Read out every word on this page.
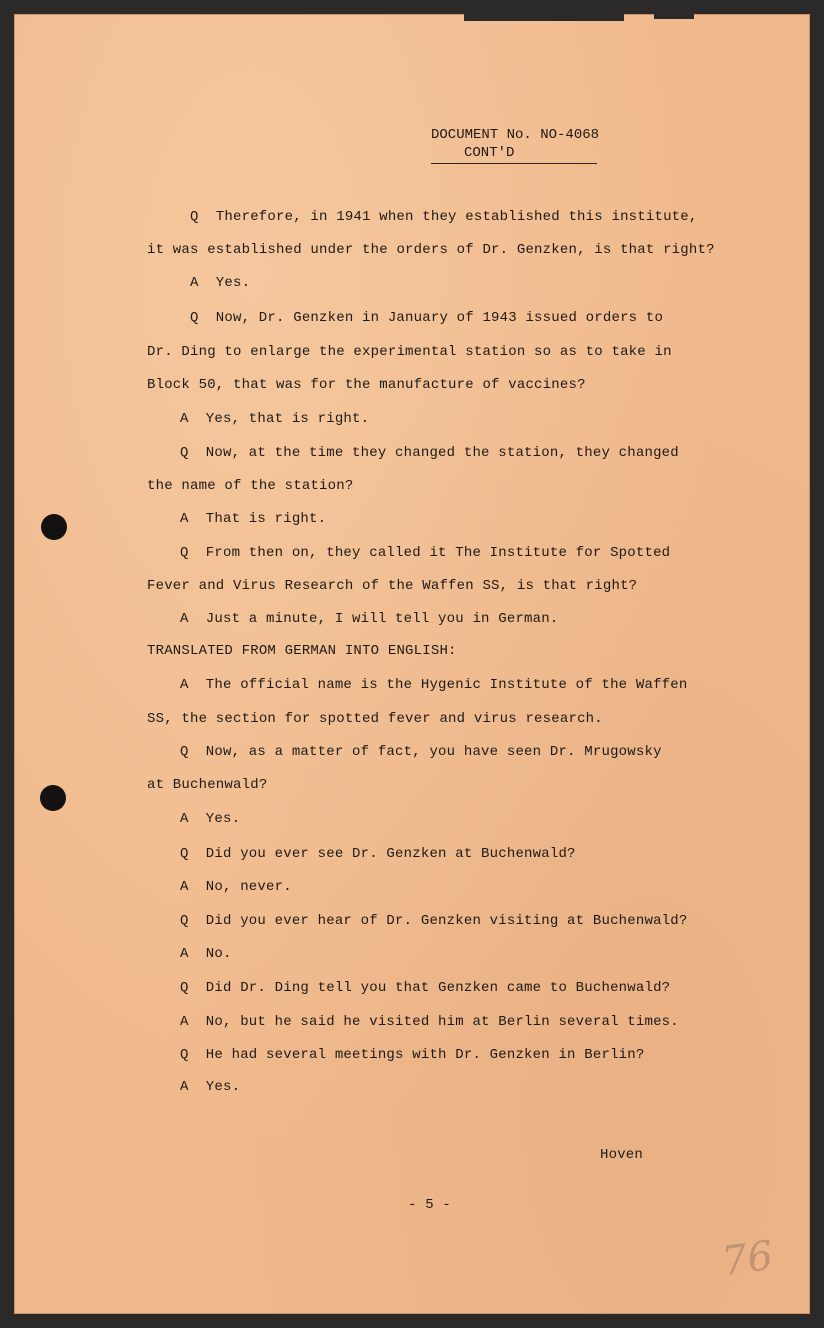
DOCUMENT No. NO-4068
CONT'D
Q  Therefore, in 1941 when they established this institute,
it was established under the orders of Dr. Genzken, is that right?
A  Yes.
Q  Now, Dr. Genzken in January of 1943 issued orders to
Dr. Ding to enlarge the experimental station so as to take in
Block 50, that was for the manufacture of vaccines?
A  Yes, that is right.
Q  Now, at the time they changed the station, they changed
the name of the station?
A  That is right.
Q  From then on, they called it The Institute for Spotted
Fever and Virus Research of the Waffen SS, is that right?
A  Just a minute, I will tell you in German.
TRANSLATED FROM GERMAN INTO ENGLISH:
A  The official name is the Hygenic Institute of the Waffen
SS, the section for spotted fever and virus research.
Q  Now, as a matter of fact, you have seen Dr. Mrugowsky
at Buchenwald?
A  Yes.
Q  Did you ever see Dr. Genzken at Buchenwald?
A  No, never.
Q  Did you ever hear of Dr. Genzken visiting at Buchenwald?
A  No.
Q  Did Dr. Ding tell you that Genzken came to Buchenwald?
A  No, but he said he visited him at Berlin several times.
Q  He had several meetings with Dr. Genzken in Berlin?
A  Yes.
Hoven
- 5 -
76
